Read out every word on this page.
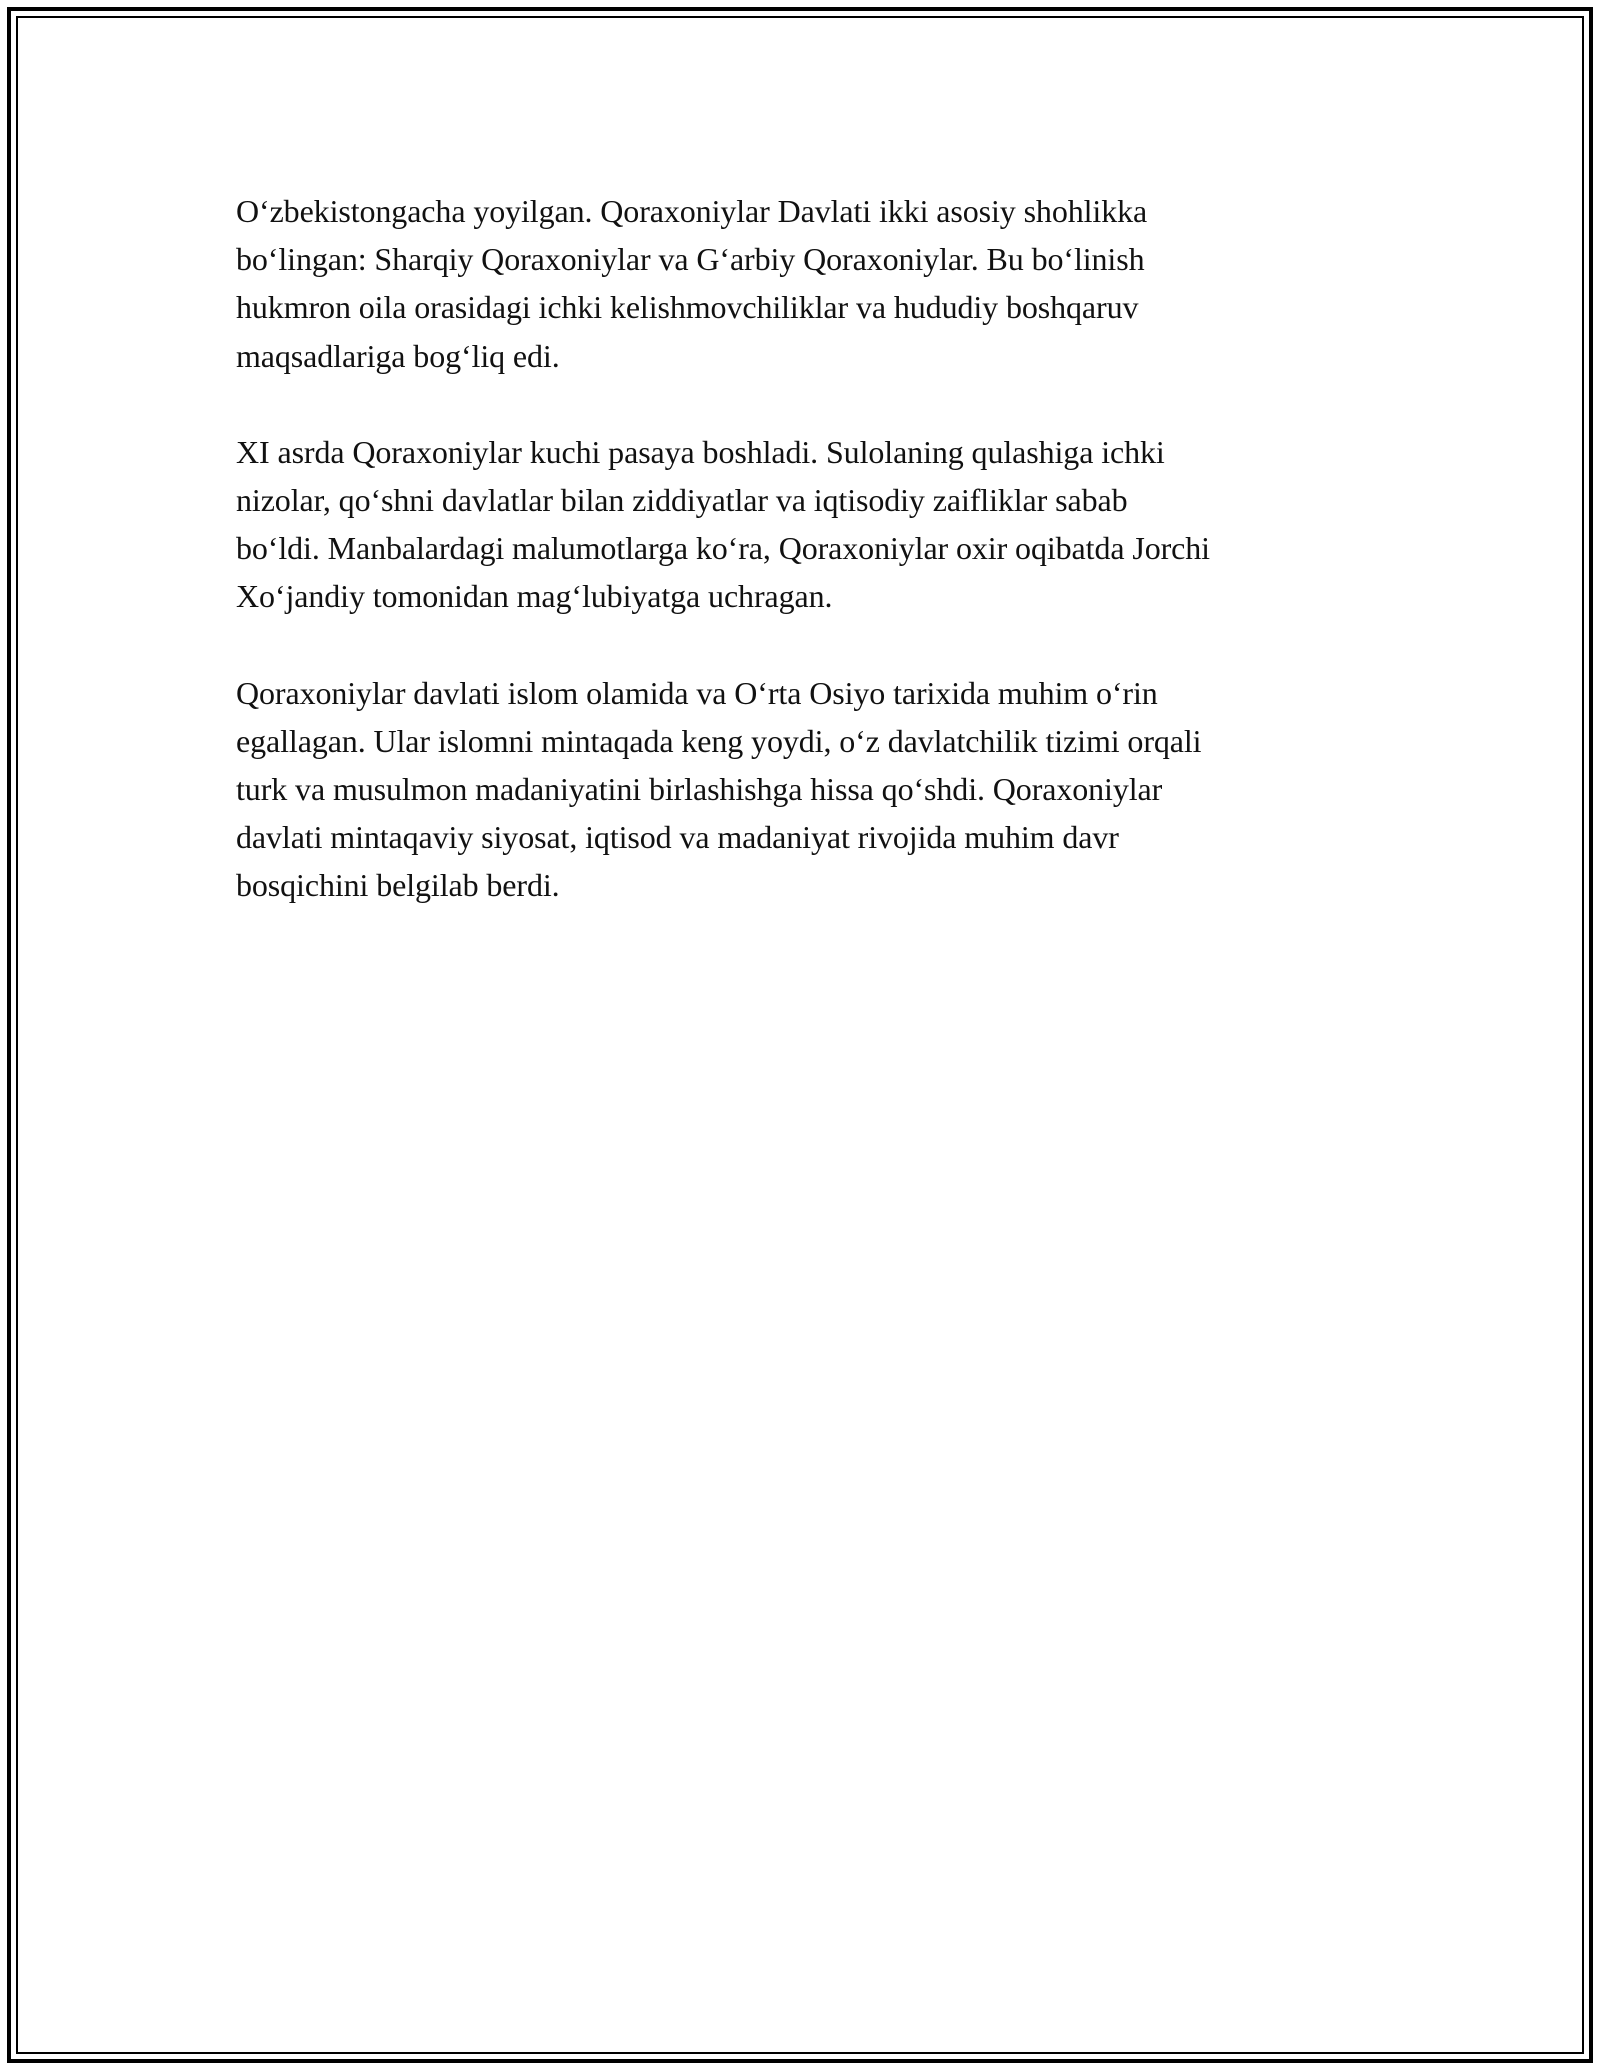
O‘zbekistongacha yoyilgan. Qoraxoniylar Davlati ikki asosiy shohlikka
bo‘lingan: Sharqiy Qoraxoniylar va G‘arbiy Qoraxoniylar. Bu bo‘linish
hukmron oila orasidagi ichki kelishmovchiliklar va hududiy boshqaruv
maqsadlariga bog‘liq edi.

XI asrda Qoraxoniylar kuchi pasaya boshladi. Sulolaning qulashiga ichki
nizolar, qo‘shni davlatlar bilan ziddiyatlar va iqtisodiy zaifliklar sabab
bo‘ldi. Manbalardagi malumotlarga ko‘ra, Qoraxoniylar oxir oqibatda Jorchi
Xo‘jandiy tomonidan mag‘lubiyatga uchragan.

Qoraxoniylar davlati islom olamida va O‘rta Osiyo tarixida muhim o‘rin
egallagan. Ular islomni mintaqada keng yoydi, o‘z davlatchilik tizimi orqali
turk va musulmon madaniyatini birlashishga hissa qo‘shdi. Qoraxoniylar
davlati mintaqaviy siyosat, iqtisod va madaniyat rivojida muhim davr
bosqichini belgilab berdi.
